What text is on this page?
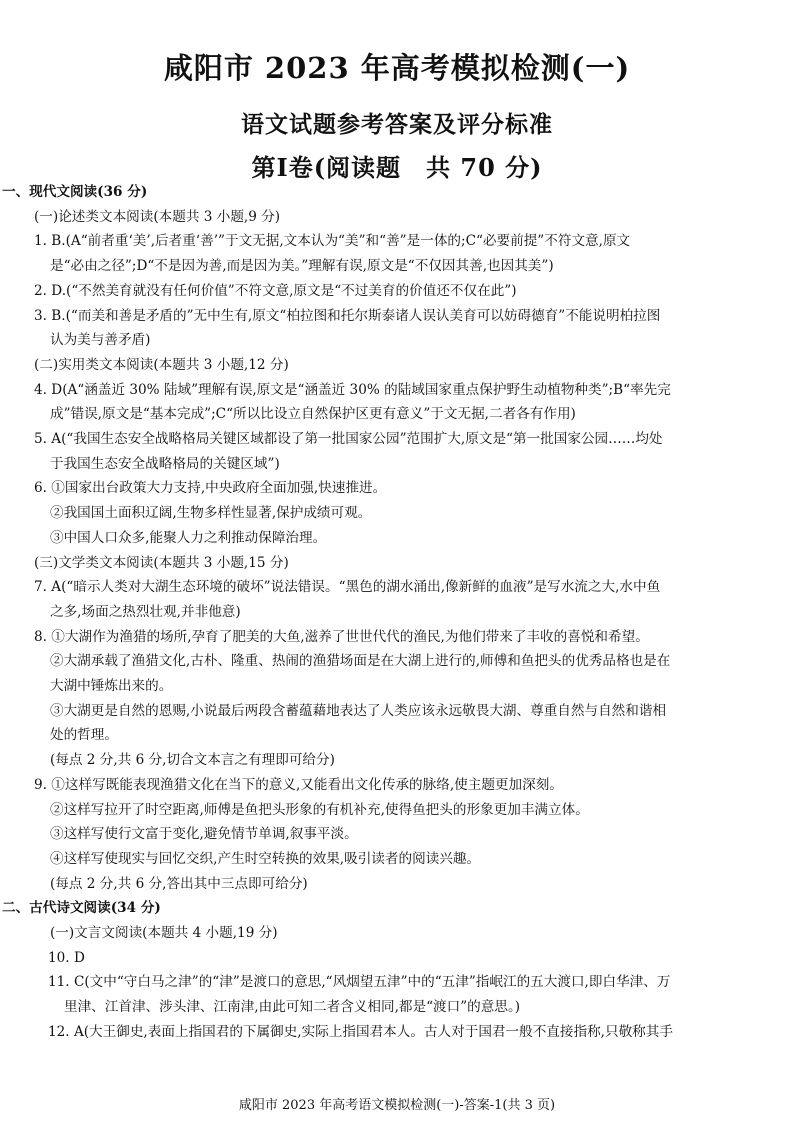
咸阳市 2023 年高考模拟检测(一)
语文试题参考答案及评分标准
第Ⅰ卷(阅读题　共 70 分)
一、现代文阅读(36 分)
(一)论述类文本阅读(本题共 3 小题,9 分)
1. B.(A“前者重‘美’,后者重‘善’”于文无据,文本认为“美”和“善”是一体的;C“必要前提”不符文意,原文
是“必由之径”;D“不是因为善,而是因为美。”理解有误,原文是“不仅因其善,也因其美”)
2. D.(“不然美育就没有任何价值”不符文意,原文是“不过美育的价值还不仅在此”)
3. B.(“而美和善是矛盾的”无中生有,原文“柏拉图和托尔斯泰诸人误认美育可以妨碍德育”不能说明柏拉图
认为美与善矛盾)
(二)实用类文本阅读(本题共 3 小题,12 分)
4. D(A“涵盖近 30% 陆域”理解有误,原文是“涵盖近 30% 的陆域国家重点保护野生动植物种类”;B“率先完
成”错误,原文是“基本完成”;C“所以比设立自然保护区更有意义”于文无据,二者各有作用)
5. A(“我国生态安全战略格局关键区域都设了第一批国家公园”范围扩大,原文是“第一批国家公园……均处
于我国生态安全战略格局的关键区域”)
6. ①国家出台政策大力支持,中央政府全面加强,快速推进。
②我国国土面积辽阔,生物多样性显著,保护成绩可观。
③中国人口众多,能聚人力之利推动保障治理。
(三)文学类文本阅读(本题共 3 小题,15 分)
7. A(“暗示人类对大湖生态环境的破坏”说法错误。“黑色的湖水涌出,像新鲜的血液”是写水流之大,水中鱼
之多,场面之热烈壮观,并非他意)
8. ①大湖作为渔猎的场所,孕育了肥美的大鱼,滋养了世世代代的渔民,为他们带来了丰收的喜悦和希望。
②大湖承载了渔猎文化,古朴、隆重、热闹的渔猎场面是在大湖上进行的,师傅和鱼把头的优秀品格也是在
大湖中锤炼出来的。
③大湖更是自然的恩赐,小说最后两段含蓄蕴藉地表达了人类应该永远敬畏大湖、尊重自然与自然和谐相
处的哲理。
(每点 2 分,共 6 分,切合文本言之有理即可给分)
9. ①这样写既能表现渔猎文化在当下的意义,又能看出文化传承的脉络,使主题更加深刻。
②这样写拉开了时空距离,师傅是鱼把头形象的有机补充,使得鱼把头的形象更加丰满立体。
③这样写使行文富于变化,避免情节单调,叙事平淡。
④这样写使现实与回忆交织,产生时空转换的效果,吸引读者的阅读兴趣。
(每点 2 分,共 6 分,答出其中三点即可给分)
二、古代诗文阅读(34 分)
(一)文言文阅读(本题共 4 小题,19 分)
10. D
11. C(文中“守白马之津”的“津”是渡口的意思,“风烟望五津”中的“五津”指岷江的五大渡口,即白华津、万
里津、江首津、涉头津、江南津,由此可知二者含义相同,都是“渡口”的意思。)
12. A(大王御史,表面上指国君的下属御史,实际上指国君本人。古人对于国君一般不直接指称,只敬称其手
咸阳市 2023 年高考语文模拟检测(一)-答案-1(共 3 页)
